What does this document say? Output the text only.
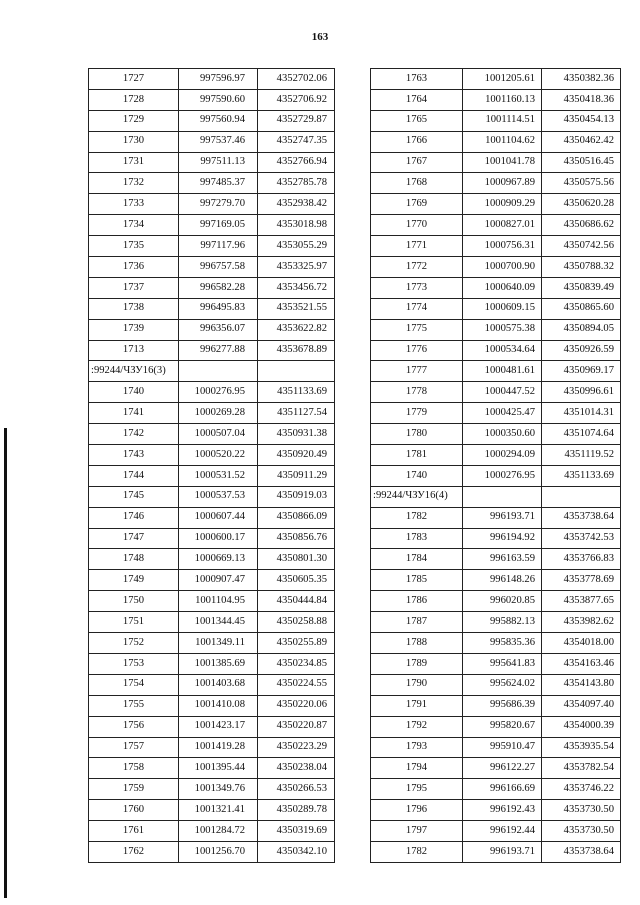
163
1727	997596.97	4352702.06
1728	997590.60	4352706.92
1729	997560.94	4352729.87
1730	997537.46	4352747.35
1731	997511.13	4352766.94
1732	997485.37	4352785.78
1733	997279.70	4352938.42
1734	997169.05	4353018.98
1735	997117.96	4353055.29
1736	996757.58	4353325.97
1737	996582.28	4353456.72
1738	996495.83	4353521.55
1739	996356.07	4353622.82
1713	996277.88	4353678.89
:99244/ЧЗУ16(3)		
1740	1000276.95	4351133.69
1741	1000269.28	4351127.54
1742	1000507.04	4350931.38
1743	1000520.22	4350920.49
1744	1000531.52	4350911.29
1745	1000537.53	4350919.03
1746	1000607.44	4350866.09
1747	1000600.17	4350856.76
1748	1000669.13	4350801.30
1749	1000907.47	4350605.35
1750	1001104.95	4350444.84
1751	1001344.45	4350258.88
1752	1001349.11	4350255.89
1753	1001385.69	4350234.85
1754	1001403.68	4350224.55
1755	1001410.08	4350220.06
1756	1001423.17	4350220.87
1757	1001419.28	4350223.29
1758	1001395.44	4350238.04
1759	1001349.76	4350266.53
1760	1001321.41	4350289.78
1761	1001284.72	4350319.69
1762	1001256.70	4350342.10
1763	1001205.61	4350382.36
1764	1001160.13	4350418.36
1765	1001114.51	4350454.13
1766	1001104.62	4350462.42
1767	1001041.78	4350516.45
1768	1000967.89	4350575.56
1769	1000909.29	4350620.28
1770	1000827.01	4350686.62
1771	1000756.31	4350742.56
1772	1000700.90	4350788.32
1773	1000640.09	4350839.49
1774	1000609.15	4350865.60
1775	1000575.38	4350894.05
1776	1000534.64	4350926.59
1777	1000481.61	4350969.17
1778	1000447.52	4350996.61
1779	1000425.47	4351014.31
1780	1000350.60	4351074.64
1781	1000294.09	4351119.52
1740	1000276.95	4351133.69
:99244/ЧЗУ16(4)		
1782	996193.71	4353738.64
1783	996194.92	4353742.53
1784	996163.59	4353766.83
1785	996148.26	4353778.69
1786	996020.85	4353877.65
1787	995882.13	4353982.62
1788	995835.36	4354018.00
1789	995641.83	4354163.46
1790	995624.02	4354143.80
1791	995686.39	4354097.40
1792	995820.67	4354000.39
1793	995910.47	4353935.54
1794	996122.27	4353782.54
1795	996166.69	4353746.22
1796	996192.43	4353730.50
1797	996192.44	4353730.50
1782	996193.71	4353738.64
